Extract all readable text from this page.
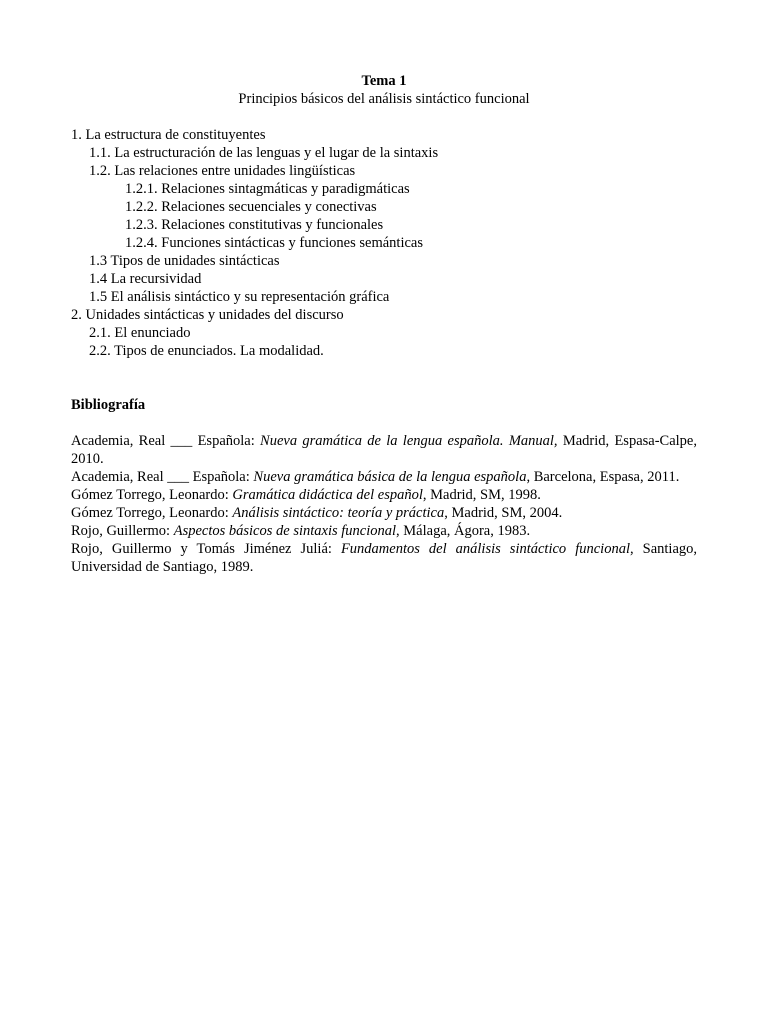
Tema 1

Principios básicos del análisis sintáctico funcional

1. La estructura de constituyentes
1.1. La estructuración de las lenguas y el lugar de la sintaxis
1.2. Las relaciones entre unidades lingüísticas
1.2.1. Relaciones sintagmáticas y paradigmáticas
1.2.2. Relaciones secuenciales y conectivas
1.2.3. Relaciones constitutivas y funcionales
1.2.4. Funciones sintácticas y funciones semánticas
1.3 Tipos de unidades sintácticas
1.4 La recursividad
1.5 El análisis sintáctico y su representación gráfica
2. Unidades sintácticas y unidades del discurso
2.1. El enunciado
2.2. Tipos de enunciados. La modalidad.

Bibliografía

Academia, Real ___ Española: Nueva gramática de la lengua española. Manual, Madrid, Espasa-Calpe, 2010.
Academia, Real ___ Española: Nueva gramática básica de la lengua española, Barcelona, Espasa, 2011.
Gómez Torrego, Leonardo: Gramática didáctica del español, Madrid, SM, 1998.
Gómez Torrego, Leonardo: Análisis sintáctico: teoría y práctica, Madrid, SM, 2004.
Rojo, Guillermo: Aspectos básicos de sintaxis funcional, Málaga, Ágora, 1983.
Rojo, Guillermo y Tomás Jiménez Juliá: Fundamentos del análisis sintáctico funcional, Santiago, Universidad de Santiago, 1989.
